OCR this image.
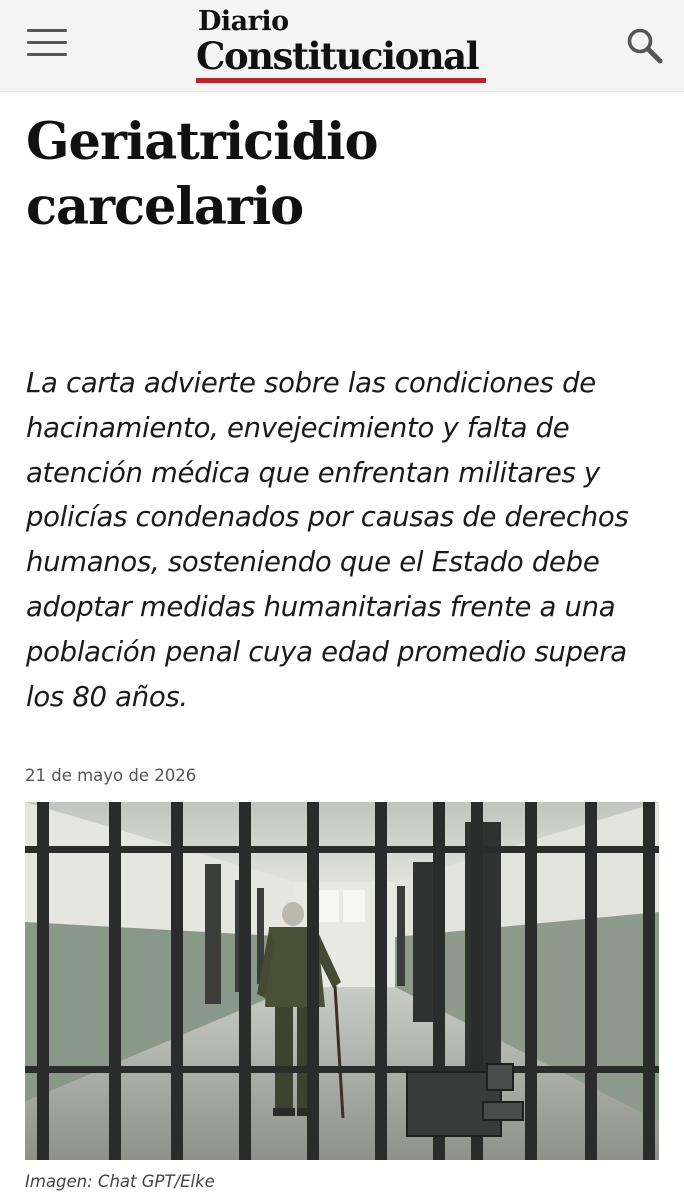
Diario
Constitucional
Geriatricidio
carcelario

La carta advierte sobre las condiciones de hacinamiento, envejecimiento y falta de atención médica que enfrentan militares y policías condenados por causas de derechos humanos, sosteniendo que el Estado debe adoptar medidas humanitarias frente a una población penal cuya edad promedio supera los 80 años.

21 de mayo de 2026
Imagen: Chat GPT/Elke
